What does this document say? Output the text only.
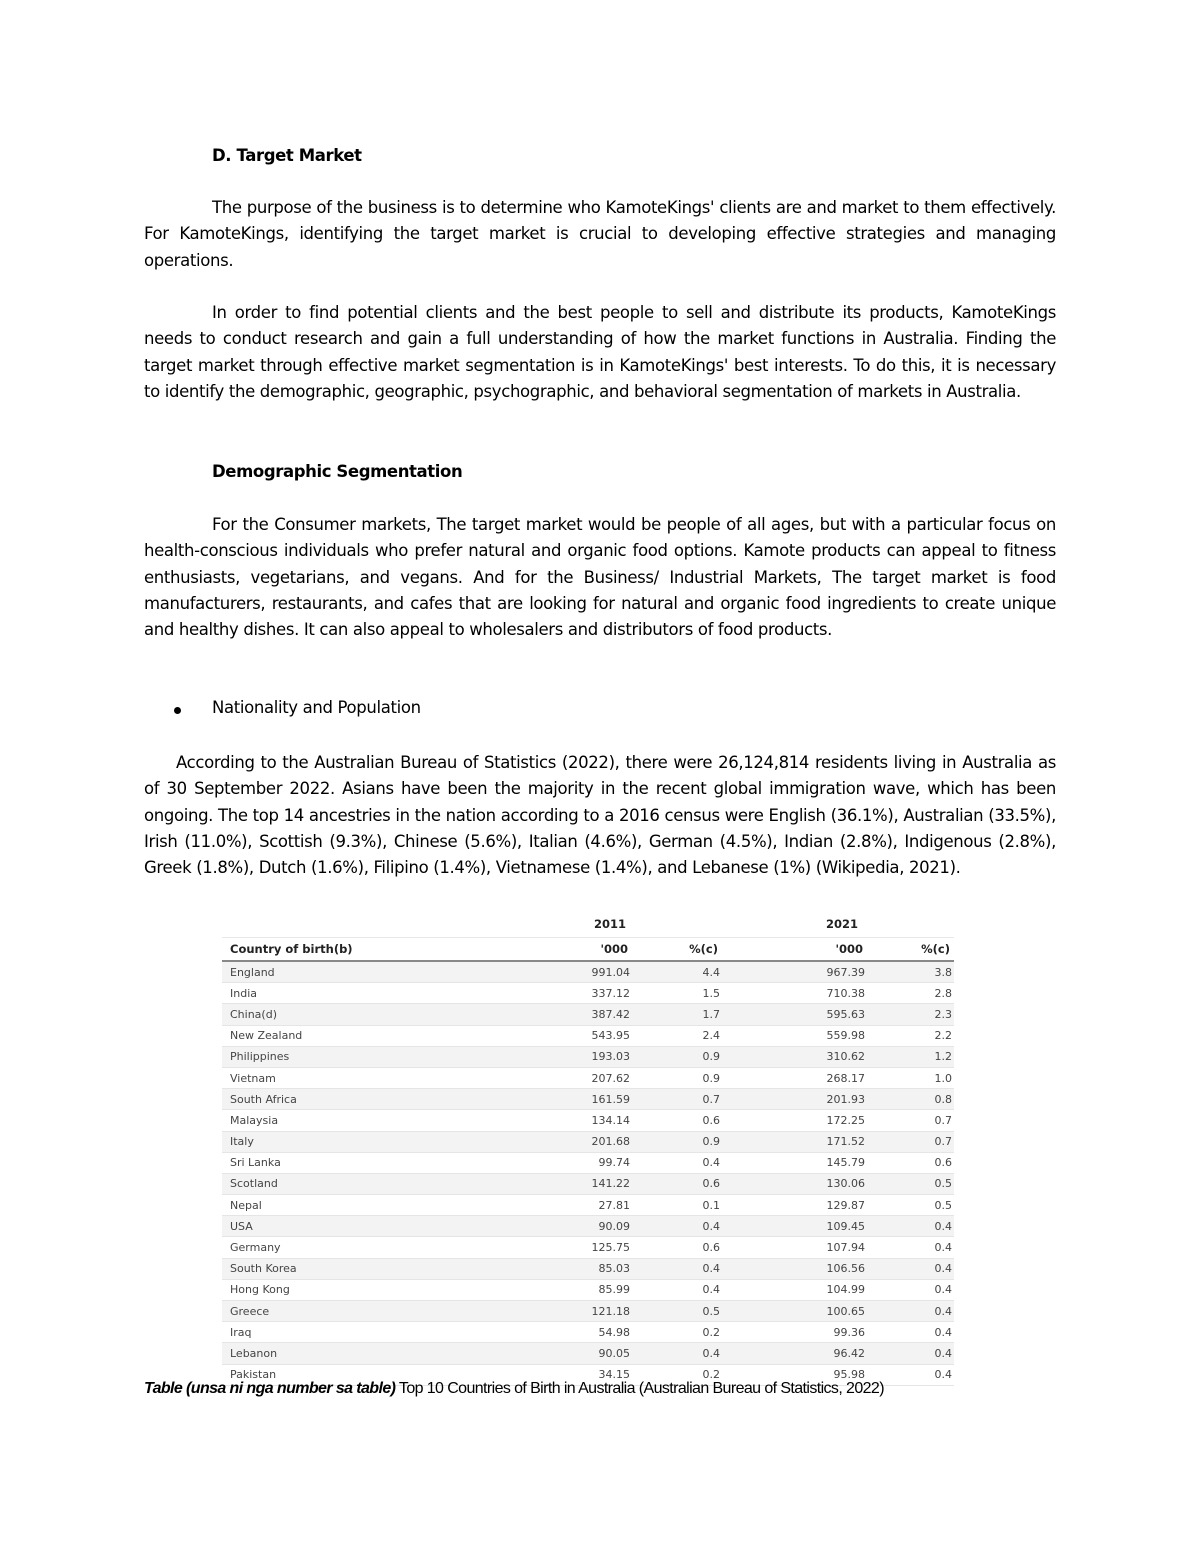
D. Target Market

The purpose of the business is to determine who KamoteKings' clients are and market to them effectively. For KamoteKings, identifying the target market is crucial to developing effective strategies and managing operations.

In order to find potential clients and the best people to sell and distribute its products, KamoteKings needs to conduct research and gain a full understanding of how the market functions in Australia. Finding the target market through effective market segmentation is in KamoteKings' best interests. To do this, it is necessary to identify the demographic, geographic, psychographic, and behavioral segmentation of markets in Australia.

Demographic Segmentation

For the Consumer markets, The target market would be people of all ages, but with a particular focus on health-conscious individuals who prefer natural and organic food options. Kamote products can appeal to fitness enthusiasts, vegetarians, and vegans. And for the Business/ Industrial Markets, The target market is food manufacturers, restaurants, and cafes that are looking for natural and organic food ingredients to create unique and healthy dishes. It can also appeal to wholesalers and distributors of food products.

Nationality and Population

According to the Australian Bureau of Statistics (2022), there were 26,124,814 residents living in Australia as of 30 September 2022. Asians have been the majority in the recent global immigration wave, which has been ongoing. The top 14 ancestries in the nation according to a 2016 census were English (36.1%), Australian (33.5%), Irish (11.0%), Scottish (9.3%), Chinese (5.6%), Italian (4.6%), German (4.5%), Indian (2.8%), Indigenous (2.8%), Greek (1.8%), Dutch (1.6%), Filipino (1.4%), Vietnamese (1.4%), and Lebanese (1%) (Wikipedia, 2021).

2011	2021
Country of birth(b)	'000	%(c)	'000	%(c)
England	991.04	4.4	967.39	3.8
India	337.12	1.5	710.38	2.8
China(d)	387.42	1.7	595.63	2.3
New Zealand	543.95	2.4	559.98	2.2
Philippines	193.03	0.9	310.62	1.2
Vietnam	207.62	0.9	268.17	1.0
South Africa	161.59	0.7	201.93	0.8
Malaysia	134.14	0.6	172.25	0.7
Italy	201.68	0.9	171.52	0.7
Sri Lanka	99.74	0.4	145.79	0.6
Scotland	141.22	0.6	130.06	0.5
Nepal	27.81	0.1	129.87	0.5
USA	90.09	0.4	109.45	0.4
Germany	125.75	0.6	107.94	0.4
South Korea	85.03	0.4	106.56	0.4
Hong Kong	85.99	0.4	104.99	0.4
Greece	121.18	0.5	100.65	0.4
Iraq	54.98	0.2	99.36	0.4
Lebanon	90.05	0.4	96.42	0.4
Pakistan	34.15	0.2	95.98	0.4
Table (unsa ni nga number sa table) Top 10 Countries of Birth in Australia (Australian Bureau of Statistics, 2022)
